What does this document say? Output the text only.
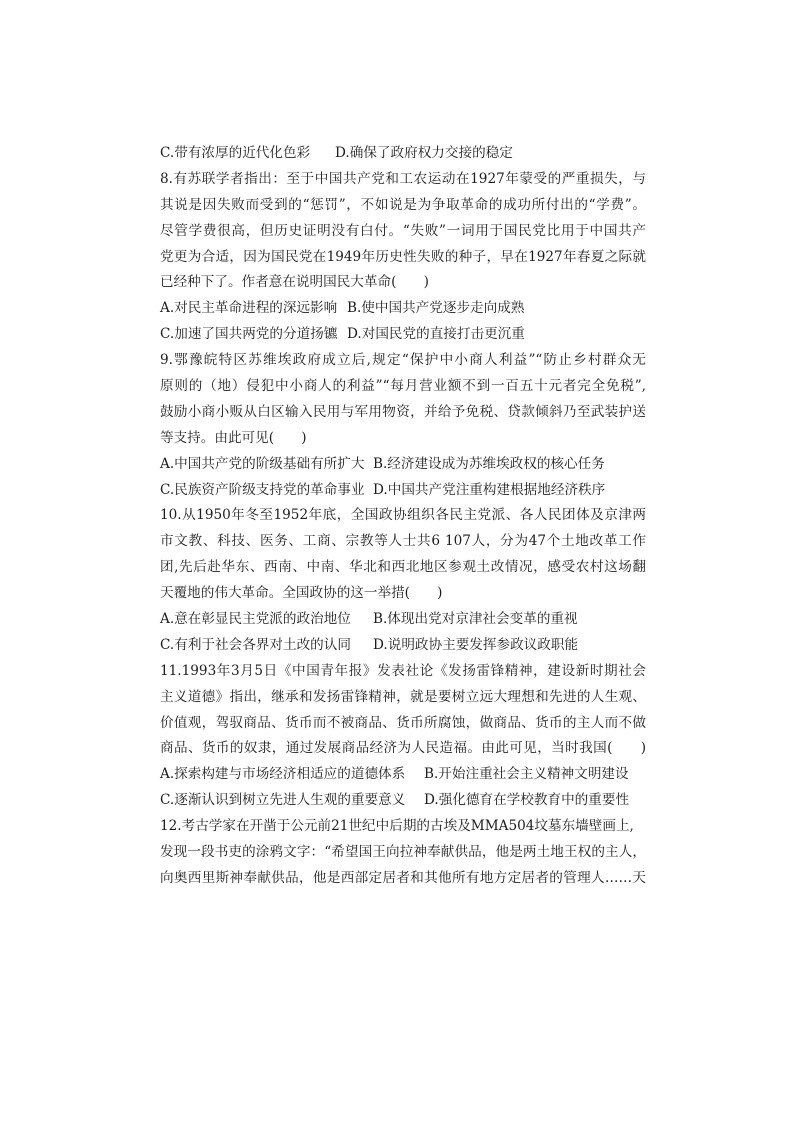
C.带有浓厚的近代化色彩	D.确保了政府权力交接的稳定
8.有苏联学者指出：至于中国共产党和工农运动在1927年蒙受的严重损失，与
其说是因失败而受到的“惩罚”，不如说是为争取革命的成功所付出的“学费”。
尽管学费很高，但历史证明没有白付。“失败”一词用于国民党比用于中国共产
党更为合适，因为国民党在1949年历史性失败的种子，早在1927年春夏之际就
已经种下了。作者意在说明国民大革命(　　)
A.对民主革命进程的深远影响 B.使中国共产党逐步走向成熟
C.加速了国共两党的分道扬镳 D.对国民党的直接打击更沉重
9.鄂豫皖特区苏维埃政府成立后,规定“保护中小商人利益”“防止乡村群众无
原则的（地）侵犯中小商人的利益”“每月营业额不到一百五十元者完全免税”,
鼓励小商小贩从白区输入民用与军用物资，并给予免税、贷款倾斜乃至武装护送
等支持。由此可见(　　)
A.中国共产党的阶级基础有所扩大 B.经济建设成为苏维埃政权的核心任务
C.民族资产阶级支持党的革命事业 D.中国共产党注重构建根据地经济秩序
10.从1950年冬至1952年底，全国政协组织各民主党派、各人民团体及京津两
市文教、科技、医务、工商、宗教等人士共6 107人，分为47个土地改革工作
团,先后赴华东、西南、中南、华北和西北地区参观土改情况，感受农村这场翻
天覆地的伟大革命。全国政协的这一举措(　　)
A.意在彰显民主党派的政治地位	B.体现出党对京津社会变革的重视
C.有利于社会各界对土改的认同	D.说明政协主要发挥参政议政职能
11.1993年3月5日《中国青年报》发表社论《发扬雷锋精神，建设新时期社会
主义道德》指出，继承和发扬雷锋精神，就是要树立远大理想和先进的人生观、
价值观，驾驭商品、货币而不被商品、货币所腐蚀，做商品、货币的主人而不做
商品、货币的奴隶，通过发展商品经济为人民造福。由此可见，当时我国(　　)
A.探索构建与市场经济相适应的道德体系	B.开始注重社会主义精神文明建设
C.逐渐认识到树立先进人生观的重要意义	D.强化德育在学校教育中的重要性
12.考古学家在开凿于公元前21世纪中后期的古埃及MMA504坟墓东墙壁画上,
发现一段书吏的涂鸦文字：“希望国王向拉神奉献供品，他是两土地王权的主人，
向奥西里斯神奉献供品，他是西部定居者和其他所有地方定居者的管理人……天
